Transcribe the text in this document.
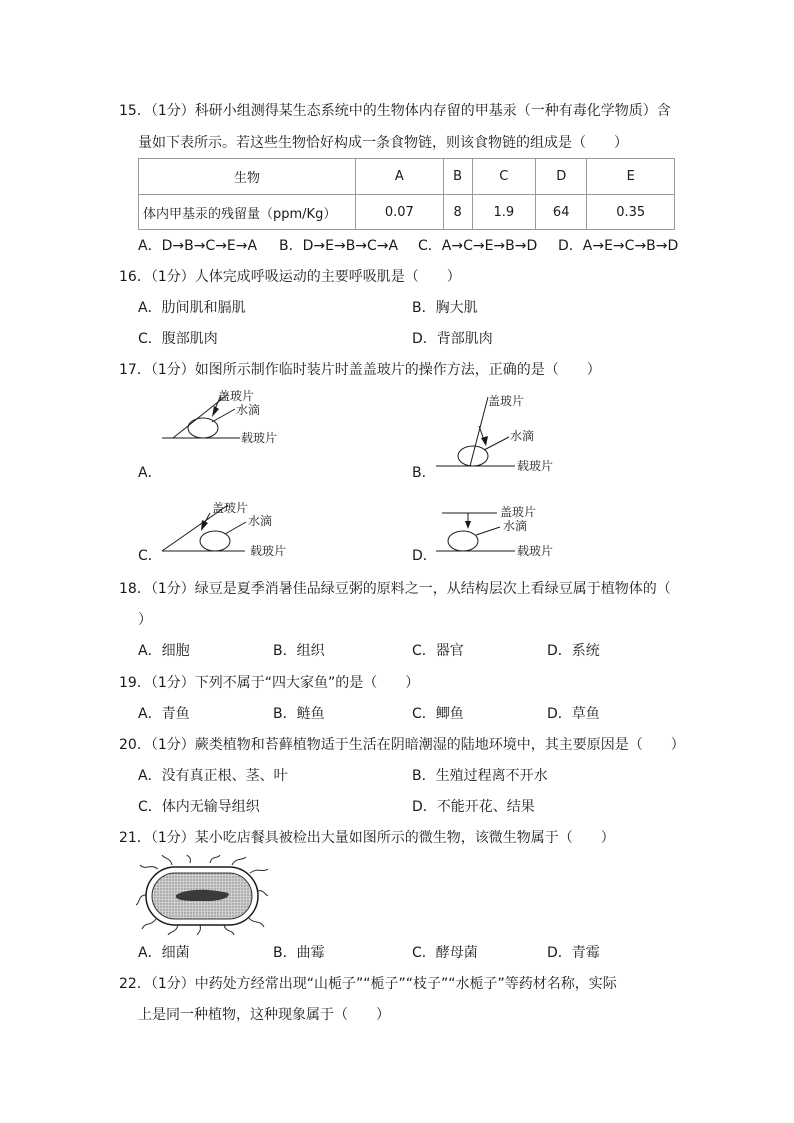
15．（1分）科研小组测得某生态系统中的生物体内存留的甲基汞（一种有毒化学物质）含
量如下表所示。若这些生物恰好构成一条食物链，则该食物链的组成是（　　）
生物	A	B	C	D	E
体内甲基汞的残留量（ppm/Kg）	0.07	8	1.9	64	0.35
A．D→B→C→E→A B．D→E→B→C→A C．A→C→E→B→D D．A→E→C→B→D
16．（1分）人体完成呼吸运动的主要呼吸肌是（　　）
A．肋间肌和膈肌	B．胸大肌
C．腹部肌肉	D．背部肌肉
17．（1分）如图所示制作临时装片时盖盖玻片的操作方法，正确的是（　　）
A．	B．
C．	D．
盖玻片
水滴
载玻片
盖玻片
水滴
载玻片
盖玻片
水滴
载玻片
盖玻片
水滴
载玻片
18．（1分）绿豆是夏季消暑佳品绿豆粥的原料之一，从结构层次上看绿豆属于植物体的（
）
A．细胞	B．组织	C．器官	D．系统
19．（1分）下列不属于“四大家鱼”的是（　　）
A．青鱼	B．鲢鱼	C．鲫鱼	D．草鱼
20．（1分）蕨类植物和苔藓植物适于生活在阴暗潮湿的陆地环境中，其主要原因是（　　）
A．没有真正根、茎、叶	B．生殖过程离不开水
C．体内无输导组织	D．不能开花、结果
21．（1分）某小吃店餐具被检出大量如图所示的微生物，该微生物属于（　　）
A．细菌	B．曲霉	C．酵母菌	D．青霉
22．（1分）中药处方经常出现“山栀子”“栀子”“枝子”“水栀子”等药材名称，实际
上是同一种植物，这种现象属于（　　）
